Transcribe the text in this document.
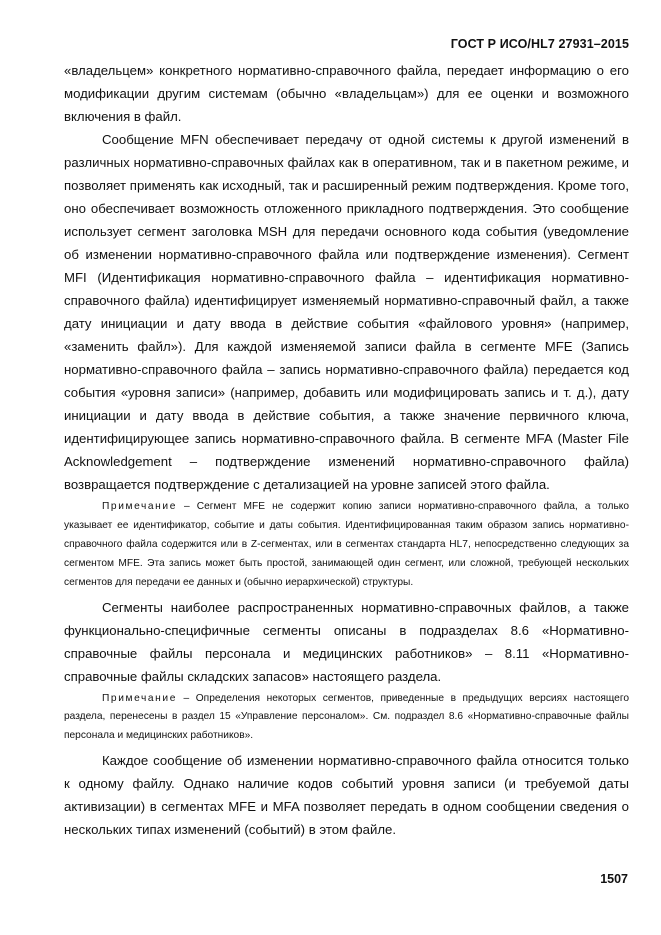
ГОСТ Р ИСО/HL7 27931–2015

«владельцем» конкретного нормативно-справочного файла, передает информацию о его модификации другим системам (обычно «владельцам») для ее оценки и возможного включения в файл.

Сообщение MFN обеспечивает передачу от одной системы к другой изменений в различных нормативно-справочных файлах как в оперативном, так и в пакетном режиме, и позволяет применять как исходный, так и расширенный режим подтверждения. Кроме того, оно обеспечивает возможность отложенного прикладного подтверждения. Это сообщение использует сегмент заголовка MSH для передачи основного кода события (уведомление об изменении нормативно-справочного файла или подтверждение изменения). Сегмент MFI (Идентификация нормативно-справочного файла – идентификация нормативно-справочного файла) идентифицирует изменяемый нормативно-справочный файл, а также дату инициации и дату ввода в действие события «файлового уровня» (например, «заменить файл»). Для каждой изменяемой записи файла в сегменте MFE (Запись нормативно-справочного файла – запись нормативно-справочного файла) передается код события «уровня записи» (например, добавить или модифицировать запись и т. д.), дату инициации и дату ввода в действие события, а также значение первичного ключа, идентифицирующее запись нормативно-справочного файла. В сегменте MFA (Master File Acknowledgement – подтверждение изменений нормативно-справочного файла) возвращается подтверждение с детализацией на уровне записей этого файла.

Примечание – Сегмент MFE не содержит копию записи нормативно-справочного файла, а только указывает ее идентификатор, событие и даты события. Идентифицированная таким образом запись нормативно-справочного файла содержится или в Z-сегментах, или в сегментах стандарта HL7, непосредственно следующих за сегментом MFE. Эта запись может быть простой, занимающей один сегмент, или сложной, требующей нескольких сегментов для передачи ее данных и (обычно иерархической) структуры.

Сегменты наиболее распространенных нормативно-справочных файлов, а также функционально-специфичные сегменты описаны в подразделах 8.6 «Нормативно-справочные файлы персонала и медицинских работников» – 8.11 «Нормативно-справочные файлы складских запасов» настоящего раздела.

Примечание – Определения некоторых сегментов, приведенные в предыдущих версиях настоящего раздела, перенесены в раздел 15 «Управление персоналом». См. подраздел 8.6 «Нормативно-справочные файлы персонала и медицинских работников».

Каждое сообщение об изменении нормативно-справочного файла относится только к одному файлу. Однако наличие кодов событий уровня записи (и требуемой даты активизации) в сегментах MFE и MFA позволяет передать в одном сообщении сведения о нескольких типах изменений (событий) в этом файле.

1507
